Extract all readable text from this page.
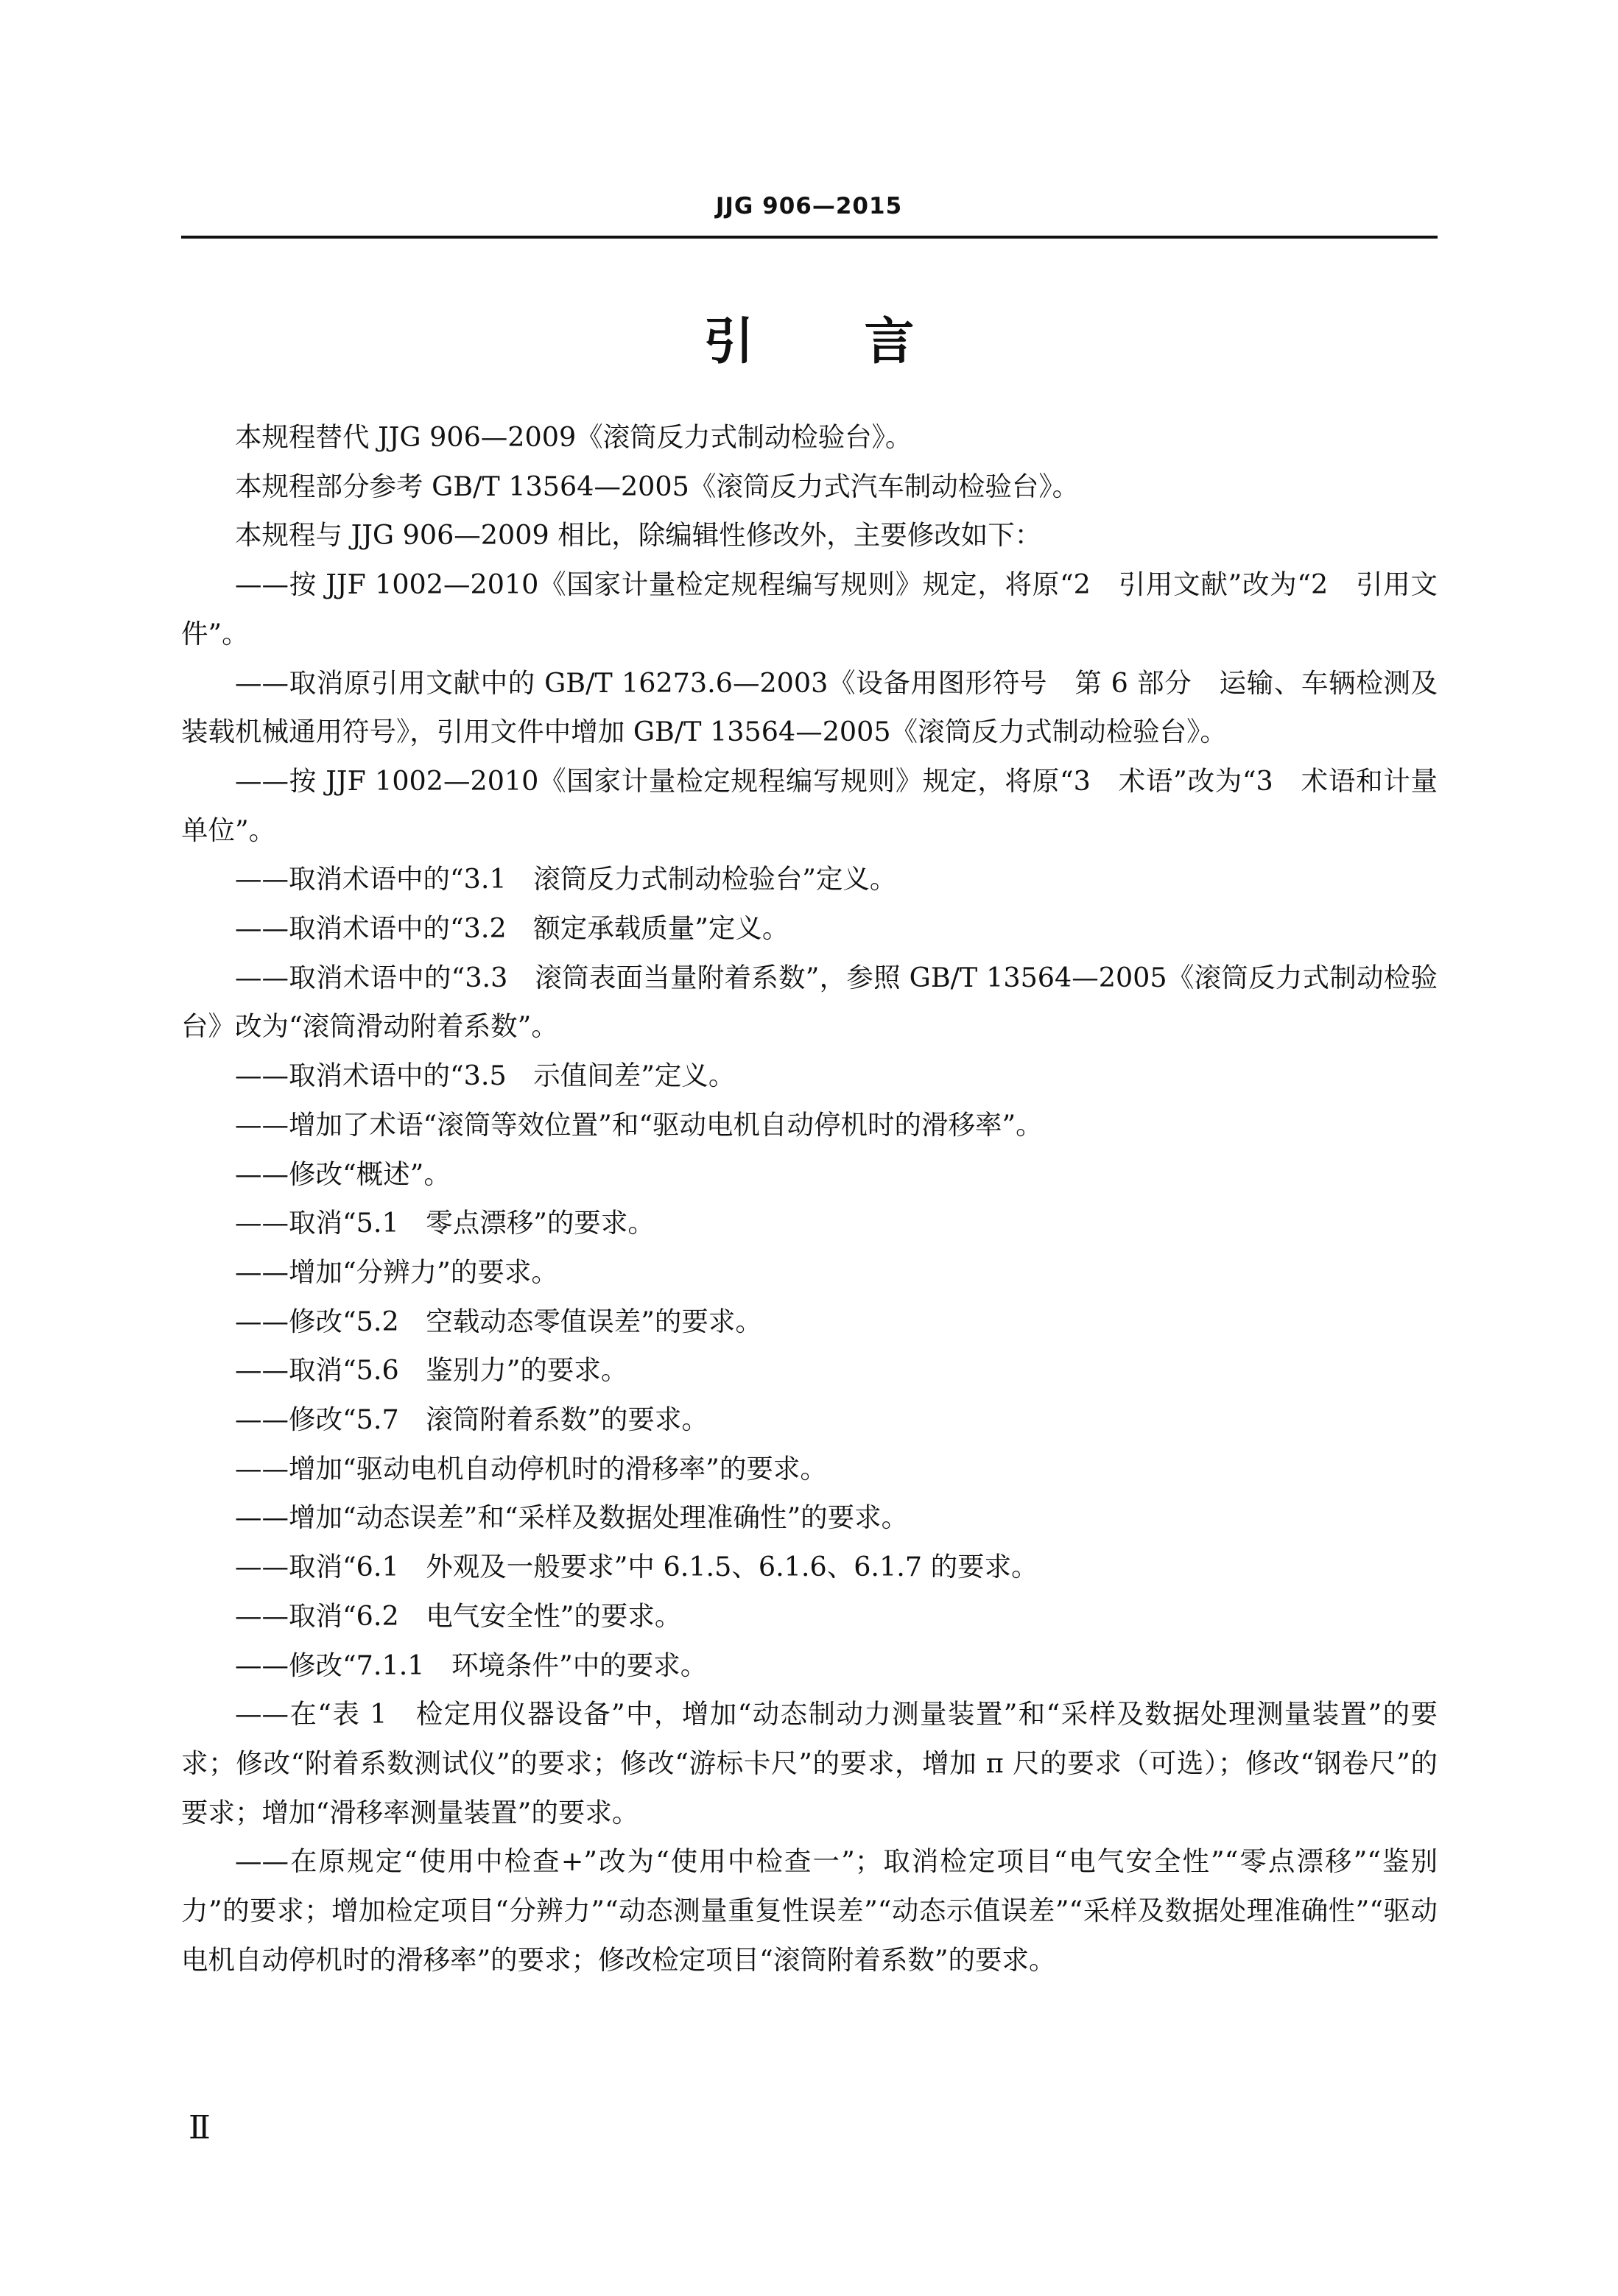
JJG 906—2015
引言

本规程替代 JJG 906—2009《滚筒反力式制动检验台》。

本规程部分参考 GB/T 13564—2005《滚筒反力式汽车制动检验台》。

本规程与 JJG 906—2009 相比，除编辑性修改外，主要修改如下：

——按 JJF 1002—2010《国家计量检定规程编写规则》规定，将原“2　引用文献”改为“2　引用文件”。

——取消原引用文献中的 GB/T 16273.6—2003《设备用图形符号　第 6 部分　运输、车辆检测及装载机械通用符号》，引用文件中增加 GB/T 13564—2005《滚筒反力式制动检验台》。

——按 JJF 1002—2010《国家计量检定规程编写规则》规定，将原“3　术语”改为“3　术语和计量单位”。

——取消术语中的“3.1　滚筒反力式制动检验台”定义。

——取消术语中的“3.2　额定承载质量”定义。

——取消术语中的“3.3　滚筒表面当量附着系数”，参照 GB/T 13564—2005《滚筒反力式制动检验台》改为“滚筒滑动附着系数”。

——取消术语中的“3.5　示值间差”定义。

——增加了术语“滚筒等效位置”和“驱动电机自动停机时的滑移率”。

——修改“概述”。

——取消“5.1　零点漂移”的要求。

——增加“分辨力”的要求。

——修改“5.2　空载动态零值误差”的要求。

——取消“5.6　鉴别力”的要求。

——修改“5.7　滚筒附着系数”的要求。

——增加“驱动电机自动停机时的滑移率”的要求。

——增加“动态误差”和“采样及数据处理准确性”的要求。

——取消“6.1　外观及一般要求”中 6.1.5、6.1.6、6.1.7 的要求。

——取消“6.2　电气安全性”的要求。

——修改“7.1.1　环境条件”中的要求。

——在“表 1　检定用仪器设备”中，增加“动态制动力测量装置”和“采样及数据处理测量装置”的要求；修改“附着系数测试仪”的要求；修改“游标卡尺”的要求，增加 π 尺的要求（可选）；修改“钢卷尺”的要求；增加“滑移率测量装置”的要求。

——在原规定“使用中检查+”改为“使用中检查一”；取消检定项目“电气安全性”“零点漂移”“鉴别力”的要求；增加检定项目“分辨力”“动态测量重复性误差”“动态示值误差”“采样及数据处理准确性”“驱动电机自动停机时的滑移率”的要求；修改检定项目“滚筒附着系数”的要求。

Ⅱ
